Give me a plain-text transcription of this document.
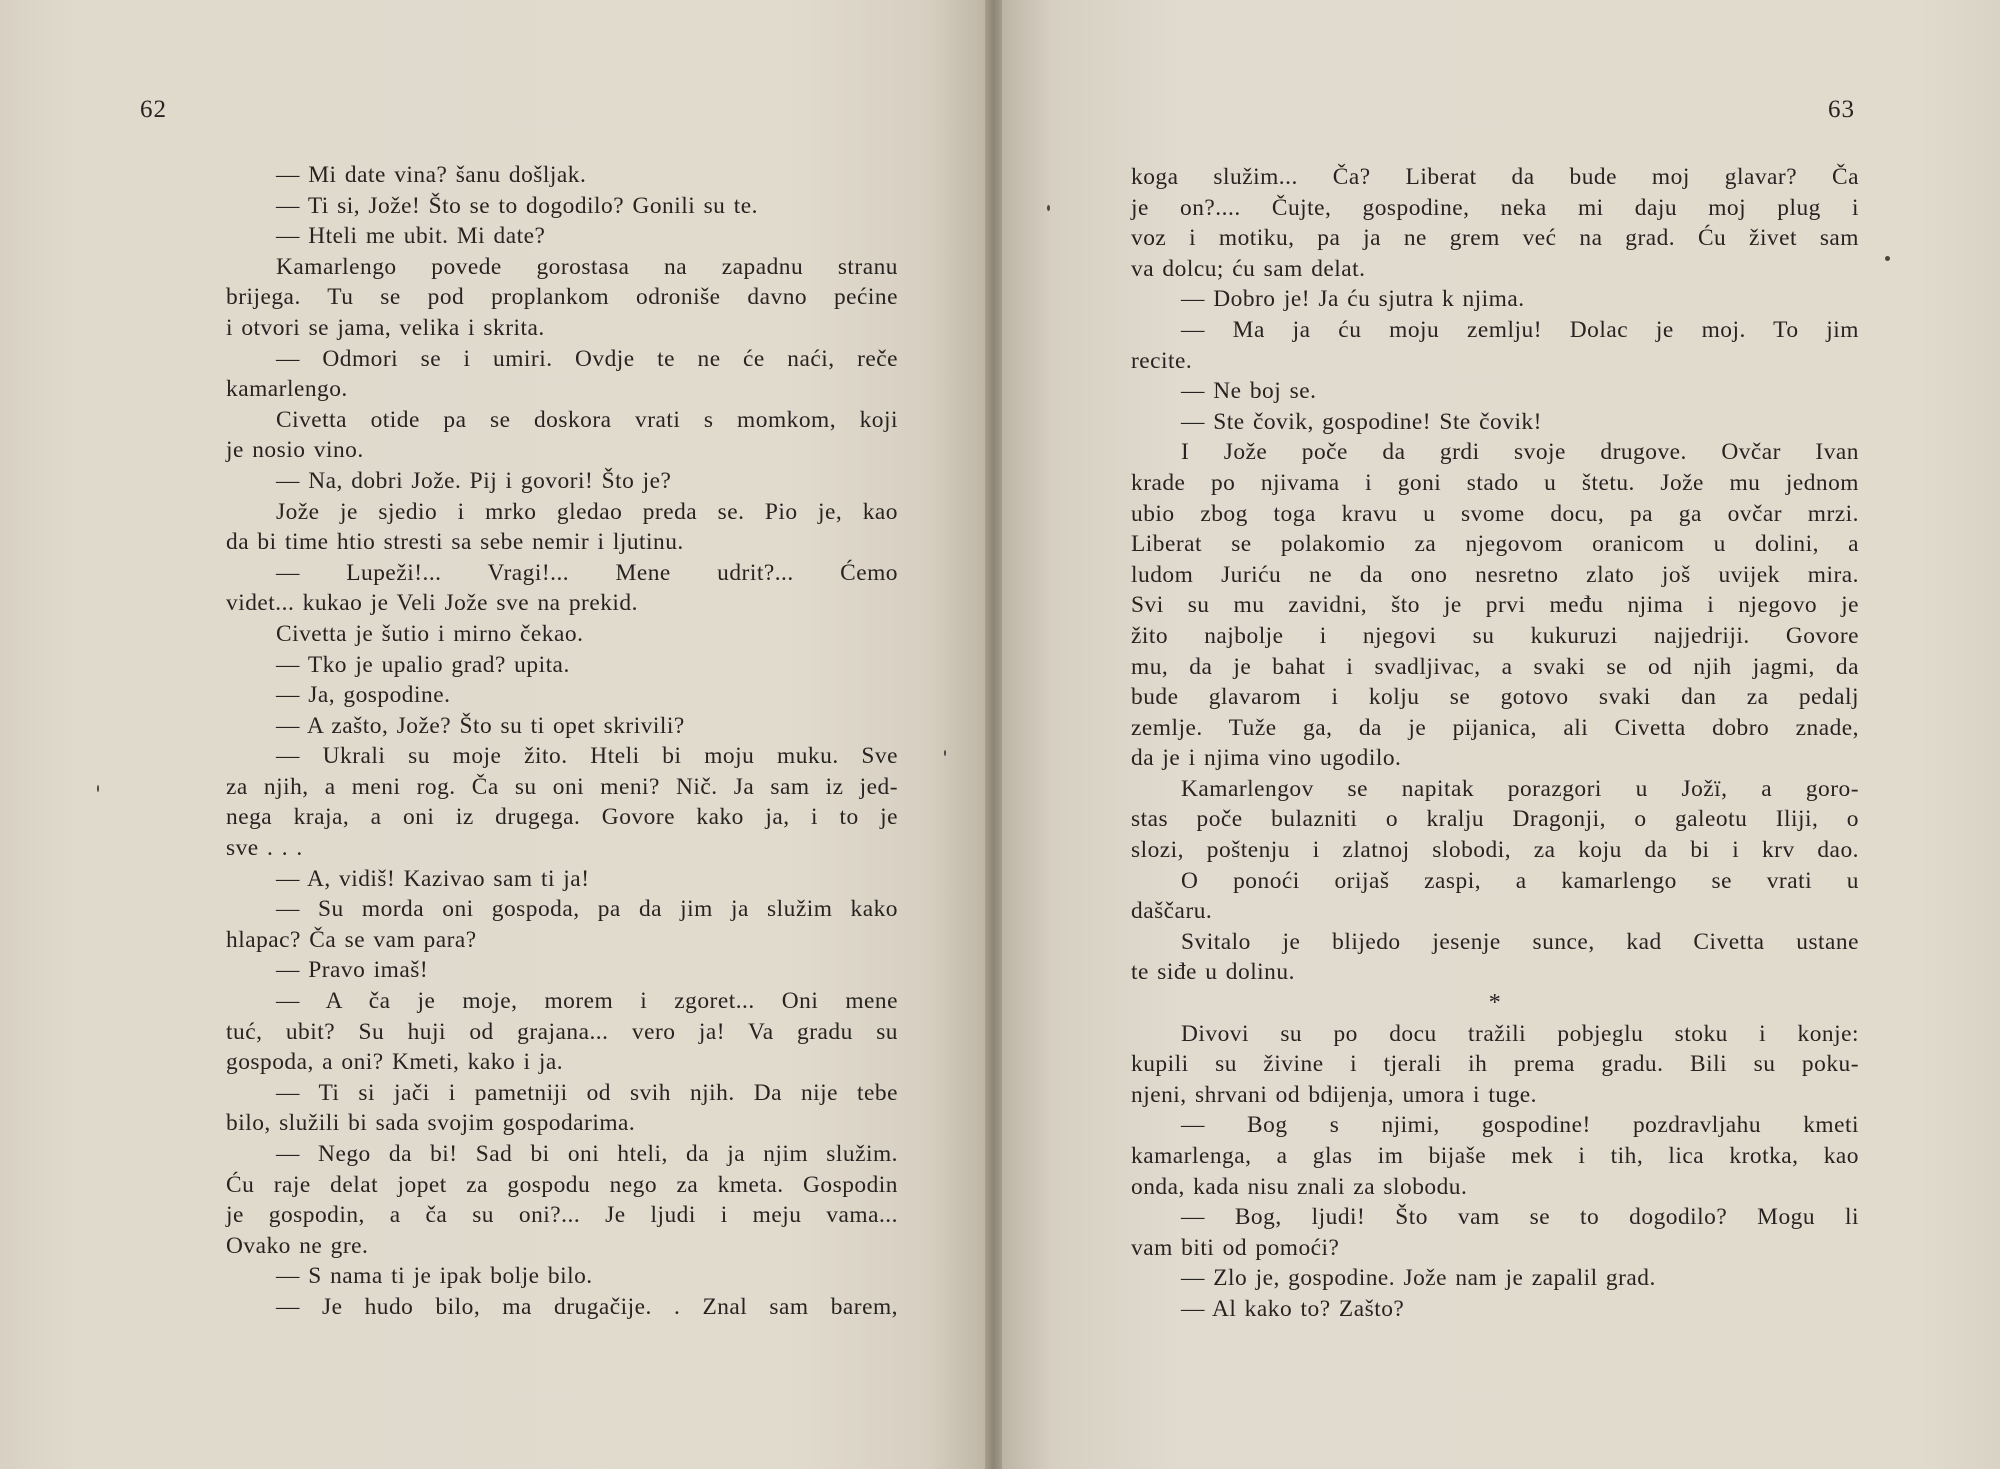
62
— Mi date vina? šanu došljak.
— Ti si, Jože! Što se to dogodilo? Gonili su te.
— Hteli me ubit. Mi date?
Kamarlengo povede gorostasa na zapadnu stranu
brijega. Tu se pod proplankom odroniše davno pećine
i otvori se jama, velika i skrita.
— Odmori se i umiri. Ovdje te ne će naći, reče
kamarlengo.
Civetta otide pa se doskora vrati s momkom, koji
je nosio vino.
— Na, dobri Jože. Pij i govori! Što je?
Jože je sjedio i mrko gledao preda se. Pio je, kao
da bi time htio stresti sa sebe nemir i ljutinu.
— Lupeži!... Vragi!... Mene udrit?... Ćemo
videt... kukao je Veli Jože sve na prekid.
Civetta je šutio i mirno čekao.
— Tko je upalio grad? upita.
— Ja, gospodine.
— A zašto, Jože? Što su ti opet skrivili?
— Ukrali su moje žito. Hteli bi moju muku. Sve
za njih, a meni rog. Ča su oni meni? Nič. Ja sam iz jed-
nega kraja, a oni iz drugega. Govore kako ja, i to je
sve . . .
— A, vidiš! Kazivao sam ti ja!
— Su morda oni gospoda, pa da jim ja služim kako
hlapac? Ča se vam para?
— Pravo imaš!
— A ča je moje, morem i zgoret... Oni mene
tuć, ubit? Su huji od grajana... vero ja! Va gradu su
gospoda, a oni? Kmeti, kako i ja.
— Ti si jači i pametniji od svih njih. Da nije tebe
bilo, služili bi sada svojim gospodarima.
— Nego da bi! Sad bi oni hteli, da ja njim služim.
Ću raje delat jopet za gospodu nego za kmeta. Gospodin
je gospodin, a ča su oni?... Je ljudi i meju vama...
Ovako ne gre.
— S nama ti je ipak bolje bilo.
— Je hudo bilo, ma drugačije. . Znal sam barem,
63
koga služim... Ča? Liberat da bude moj glavar? Ča
je on?.... Čujte, gospodine, neka mi daju moj plug i
voz i motiku, pa ja ne grem već na grad. Ću živet sam
va dolcu; ću sam delat.
— Dobro je! Ja ću sjutra k njima.
— Ma ja ću moju zemlju! Dolac je moj. To jim
recite.
— Ne boj se.
— Ste čovik, gospodine! Ste čovik!
I Jože poče da grdi svoje drugove. Ovčar Ivan
krade po njivama i goni stado u štetu. Jože mu jednom
ubio zbog toga kravu u svome docu, pa ga ovčar mrzi.
Liberat se polakomio za njegovom oranicom u dolini, a
ludom Juriću ne da ono nesretno zlato još uvijek mira.
Svi su mu zavidni, što je prvi među njima i njegovo je
žito najbolje i njegovi su kukuruzi najjedriji. Govore
mu, da je bahat i svadljivac, a svaki se od njih jagmi, da
bude glavarom i kolju se gotovo svaki dan za pedalj
zemlje. Tuže ga, da je pijanica, ali Civetta dobro znade,
da je i njima vino ugodilo.
Kamarlengov se napitak porazgori u Jožï, a goro-
stas poče bulazniti o kralju Dragonji, o galeotu Iliji, o
slozi, poštenju i zlatnoj slobodi, za koju da bi i krv dao.
O ponoći orijaš zaspi, a kamarlengo se vrati u
daščaru.
Svitalo je blijedo jesenje sunce, kad Civetta ustane
te siđe u dolinu.
*
Divovi su po docu tražili pobjeglu stoku i konje:
kupili su živine i tjerali ih prema gradu. Bili su poku-
njeni, shrvani od bdijenja, umora i tuge.
— Bog s njimi, gospodine! pozdravljahu kmeti
kamarlenga, a glas im bijaše mek i tih, lica krotka, kao
onda, kada nisu znali za slobodu.
— Bog, ljudi! Što vam se to dogodilo? Mogu li
vam biti od pomoći?
— Zlo je, gospodine. Jože nam je zapalil grad.
— Al kako to? Zašto?
